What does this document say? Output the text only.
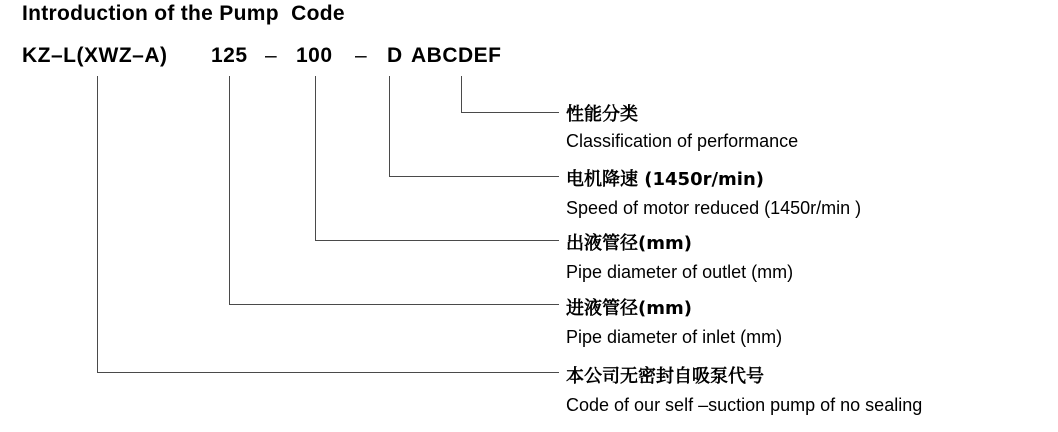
Introduction of the Pump  Code
KZ–L(XWZ–A) 125 – 100 – D ABCDEF
性能分类
Classification of performance
电机降速 (1450r/min)
Speed of motor reduced (1450r/min )
出液管径(mm)
Pipe diameter of outlet (mm)
进液管径(mm)
Pipe diameter of inlet (mm)
本公司无密封自吸泵代号
Code of our self –suction pump of no sealing
